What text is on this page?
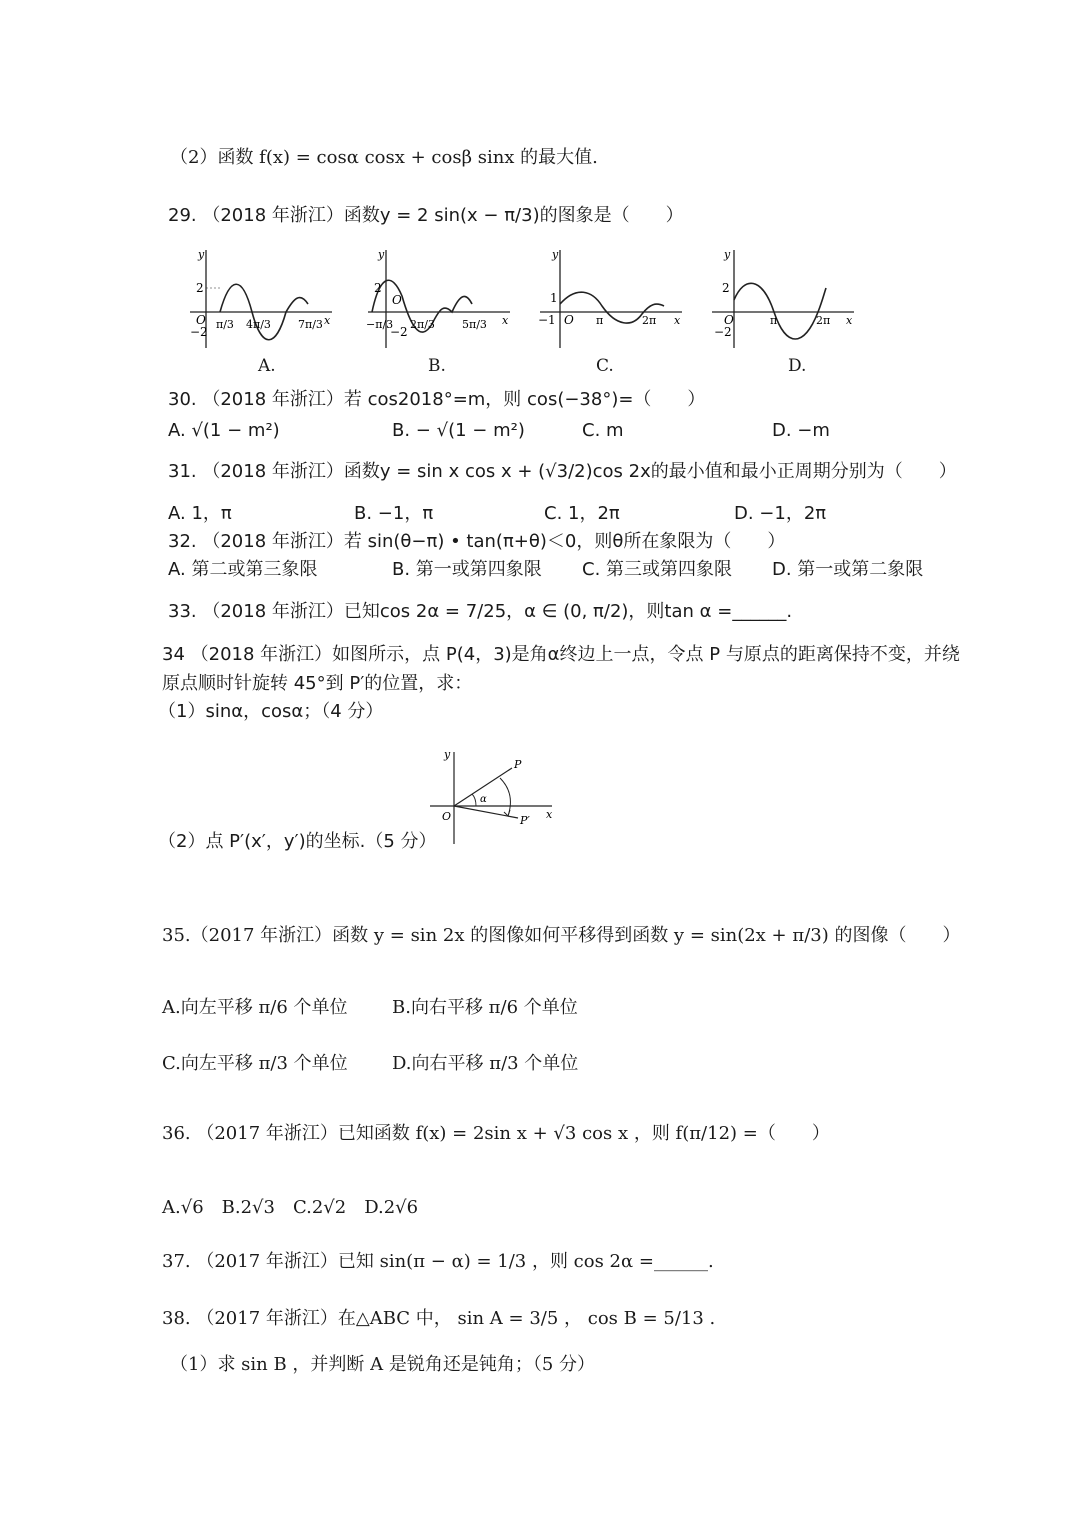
（2）函数 f(x) = cosα cosx + cosβ sinx 的最大值.
29. （2018 年浙江）函数y = 2 sin(x − π/3)的图象是（　　）
y
x
2
−2
O π/3 4π/3 7π/3
A.
y
x
2
−2
O
−π/3 2π/3 5π/3
B.
y
x
1
−1 O π	2π
C.
y
x
2
−2
O	π	2π
D.
30. （2018 年浙江）若 cos2018°=m，则 cos(−38°)=（　　）
A. √(1 − m²)	B. − √(1 − m²)	C. m	D. −m
31. （2018 年浙江）函数y = sin x cos x + (√3/2)cos 2x的最小值和最小正周期分别为（　　）
A. 1，π	B. −1，π	C. 1，2π	D. −1，2π
32. （2018 年浙江）若 sin(θ−π) • tan(π+θ)＜0，则θ所在象限为（　　）
A. 第二或第三象限	B. 第一或第四象限 C. 第三或第四象限 D. 第一或第二象限
33. （2018 年浙江）已知cos 2α = 7/25，α ∈ (0, π/2)，则tan α =______.
34 （2018 年浙江）如图所示，点 P(4，3)是角α终边上一点，令点 P 与原点的距离保持不变，并绕
原点顺时针旋转 45°到 P′的位置，求：
（1）sinα，cosα；（4 分）
y
x
O
P
P′
α
（2）点 P′(x′，y′)的坐标.（5 分）
35.（2017 年浙江）函数 y = sin 2x 的图像如何平移得到函数 y = sin(2x + π/3) 的图像（　　）
A.向左平移 π/6 个单位 B.向右平移 π/6 个单位
C.向左平移 π/3 个单位 D.向右平移 π/3 个单位
36. （2017 年浙江）已知函数 f(x) = 2sin x + √3 cos x ，则 f(π/12) =（　　）
A.√6　B.2√3　C.2√2　D.2√6
37. （2017 年浙江）已知 sin(π − α) = 1/3 ，则 cos 2α =______.
38. （2017 年浙江）在△ABC 中， sin A = 3/5 ， cos B = 5/13 .
（1）求 sin B ，并判断 A 是锐角还是钝角；（5 分）
